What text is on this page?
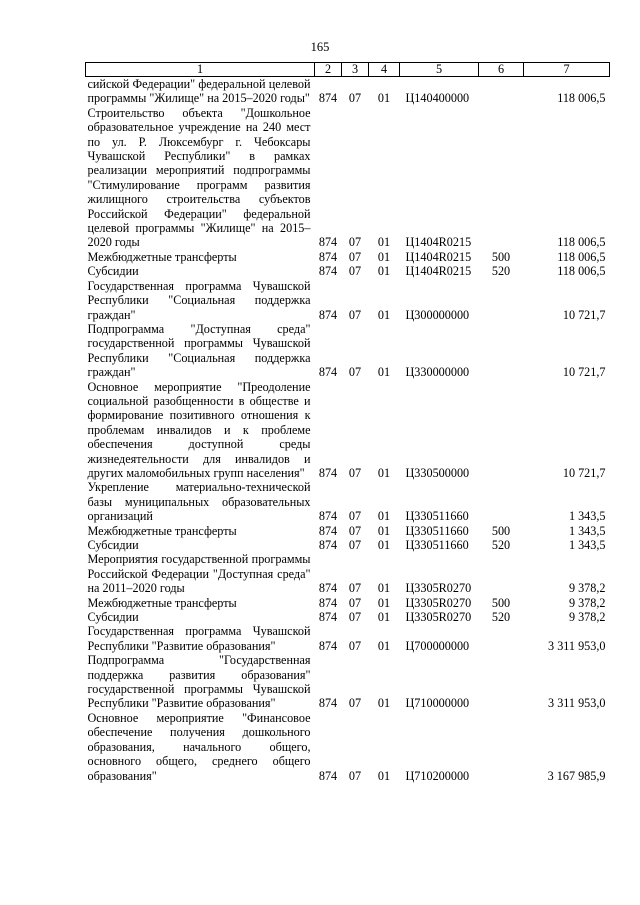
165
1	2	3	4	5	6	7
сийской Федерации" федеральной целевой программы "Жилище" на 2015–2020 годы"	874	07	01	Ц140400000		118 006,5
Строительство объекта "Дошкольное образовательное учреждение на 240 мест по ул. Р. Люксембург г. Чебоксары Чувашской Республики" в рамках реализации мероприятий подпрограммы "Стимулирование программ развития жилищного строительства субъектов Российской Федерации" федеральной целевой программы "Жилище" на 2015–2020 годы	874	07	01	Ц1404R0215		118 006,5
Межбюджетные трансферты	874	07	01	Ц1404R0215	500	118 006,5
Субсидии	874	07	01	Ц1404R0215	520	118 006,5
Государственная программа Чувашской Республики "Социальная поддержка граждан"	874	07	01	Ц300000000		10 721,7
Подпрограмма "Доступная среда" государственной программы Чувашской Республики "Социальная поддержка граждан"	874	07	01	Ц330000000		10 721,7
Основное мероприятие "Преодоление социальной разобщенности в обществе и формирование позитивного отношения к проблемам инвалидов и к проблеме обеспечения доступной среды жизнедеятельности для инвалидов и других маломобильных групп населения"	874	07	01	Ц330500000		10 721,7
Укрепление материально-технической базы муниципальных образовательных организаций	874	07	01	Ц330511660		1 343,5
Межбюджетные трансферты	874	07	01	Ц330511660	500	1 343,5
Субсидии	874	07	01	Ц330511660	520	1 343,5
Мероприятия государственной программы Российской Федерации "Доступная среда" на 2011–2020 годы	874	07	01	Ц3305R0270		9 378,2
Межбюджетные трансферты	874	07	01	Ц3305R0270	500	9 378,2
Субсидии	874	07	01	Ц3305R0270	520	9 378,2
Государственная программа Чувашской Республики "Развитие образования"	874	07	01	Ц700000000		3 311 953,0
Подпрограмма "Государственная поддержка развития образования" государственной программы Чувашской Республики "Развитие образования"	874	07	01	Ц710000000		3 311 953,0
Основное мероприятие "Финансовое обеспечение получения дошкольного образования, начального общего, основного общего, среднего общего образования"	874	07	01	Ц710200000		3 167 985,9
